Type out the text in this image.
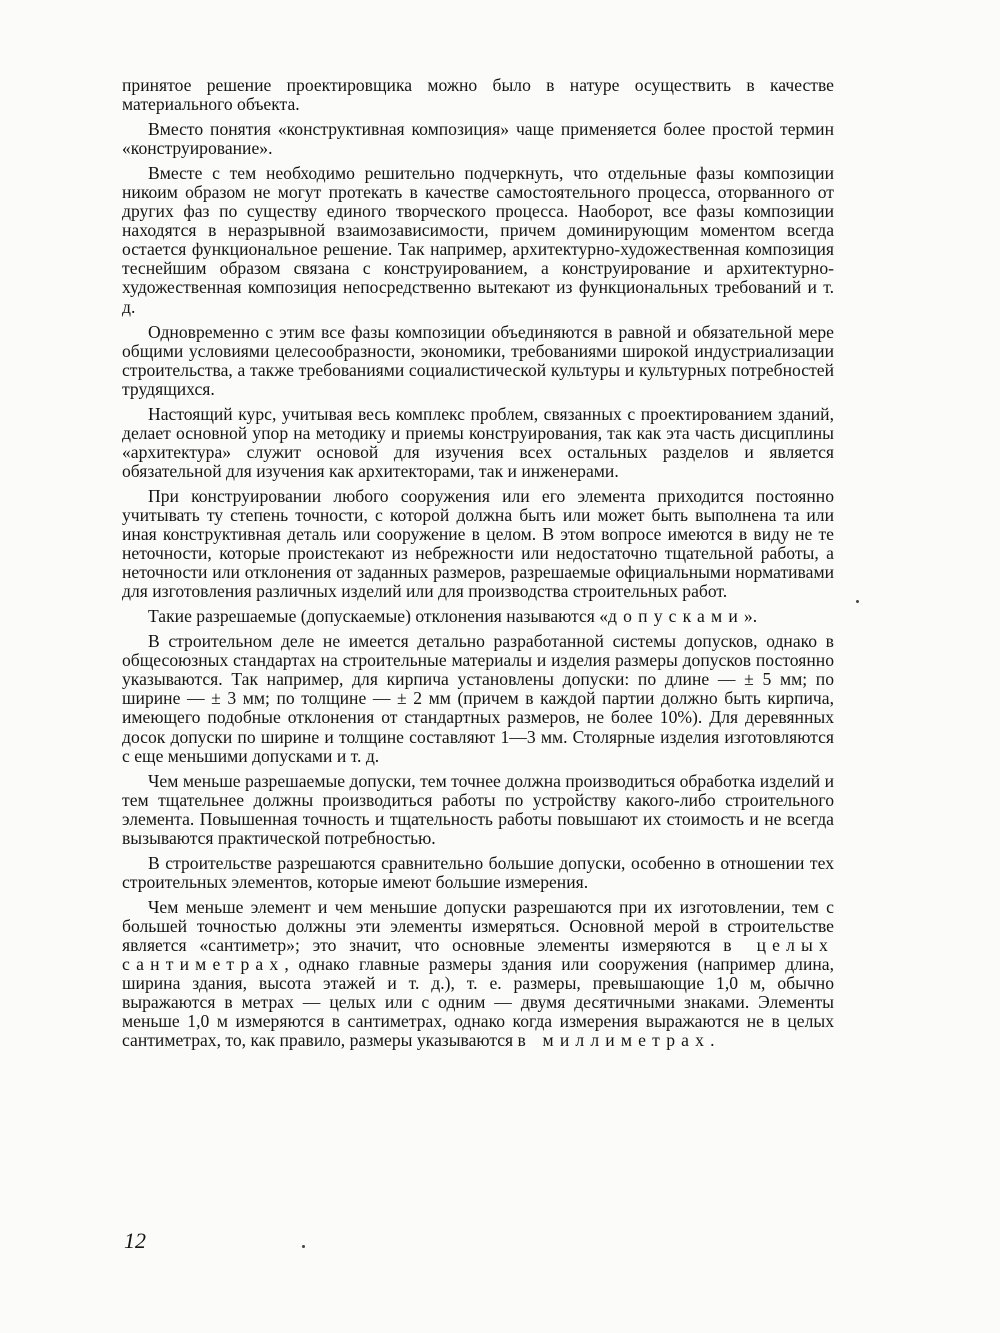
принятое решение проектировщика можно было в натуре осуществить в качестве материального объекта.

Вместо понятия «конструктивная композиция» чаще применяется более простой термин «конструирование».

Вместе с тем необходимо решительно подчеркнуть, что отдельные фазы композиции никоим образом не могут протекать в качестве самостоятельного процесса, оторванного от других фаз по существу единого творческого процесса. Наоборот, все фазы композиции находятся в неразрывной взаимозависимости, причем доминирующим моментом всегда остается функциональное решение. Так например, архитектурно-художественная композиция теснейшим образом связана с конструированием, а конструирование и архитектурно-художественная композиция непосредственно вытекают из функциональных требований и т. д.

Одновременно с этим все фазы композиции объединяются в равной и обязательной мере общими условиями целесообразности, экономики, требованиями широкой индустриализации строительства, а также требованиями социалистической культуры и культурных потребностей трудящихся.

Настоящий курс, учитывая весь комплекс проблем, связанных с проектированием зданий, делает основной упор на методику и приемы конструирования, так как эта часть дисциплины «архитектура» служит основой для изучения всех остальных разделов и является обязательной для изучения как архитекторами, так и инженерами.

При конструировании любого сооружения или его элемента приходится постоянно учитывать ту степень точности, с которой должна быть или может быть выполнена та или иная конструктивная деталь или сооружение в целом. В этом вопросе имеются в виду не те неточности, которые проистекают из небрежности или недостаточно тщательной работы, а неточности или отклонения от заданных размеров, разрешаемые официальными нормативами для изготовления различных изделий или для производства строительных работ.

Такие разрешаемые (допускаемые) отклонения называются «допусками».

В строительном деле не имеется детально разработанной системы допусков, однако в общесоюзных стандартах на строительные материалы и изделия размеры допусков постоянно указываются. Так например, для кирпича установлены допуски: по длине — ± 5 мм; по ширине — ± 3 мм; по толщине — ± 2 мм (причем в каждой партии должно быть кирпича, имеющего подобные отклонения от стандартных размеров, не более 10%). Для деревянных досок допуски по ширине и толщине составляют 1—3 мм. Столярные изделия изготовляются с еще меньшими допусками и т. д.

Чем меньше разрешаемые допуски, тем точнее должна производиться обработка изделий и тем тщательнее должны производиться работы по устройству какого-либо строительного элемента. Повышенная точность и тщательность работы повышают их стоимость и не всегда вызываются практической потребностью.

В строительстве разрешаются сравнительно большие допуски, особенно в отношении тех строительных элементов, которые имеют большие измерения.

Чем меньше элемент и чем меньшие допуски разрешаются при их изготовлении, тем с большей точностью должны эти элементы измеряться. Основной мерой в строительстве является «сантиметр»; это значит, что основные элементы измеряются в целых сантиметрах, однако главные размеры здания или сооружения (например длина, ширина здания, высота этажей и т. д.), т. е. размеры, превышающие 1,0 м, обычно выражаются в метрах — целых или с одним — двумя десятичными знаками. Элементы меньше 1,0 м измеряются в сантиметрах, однако когда измерения выражаются не в целых сантиметрах, то, как правило, размеры указываются в миллиметрах.

12
